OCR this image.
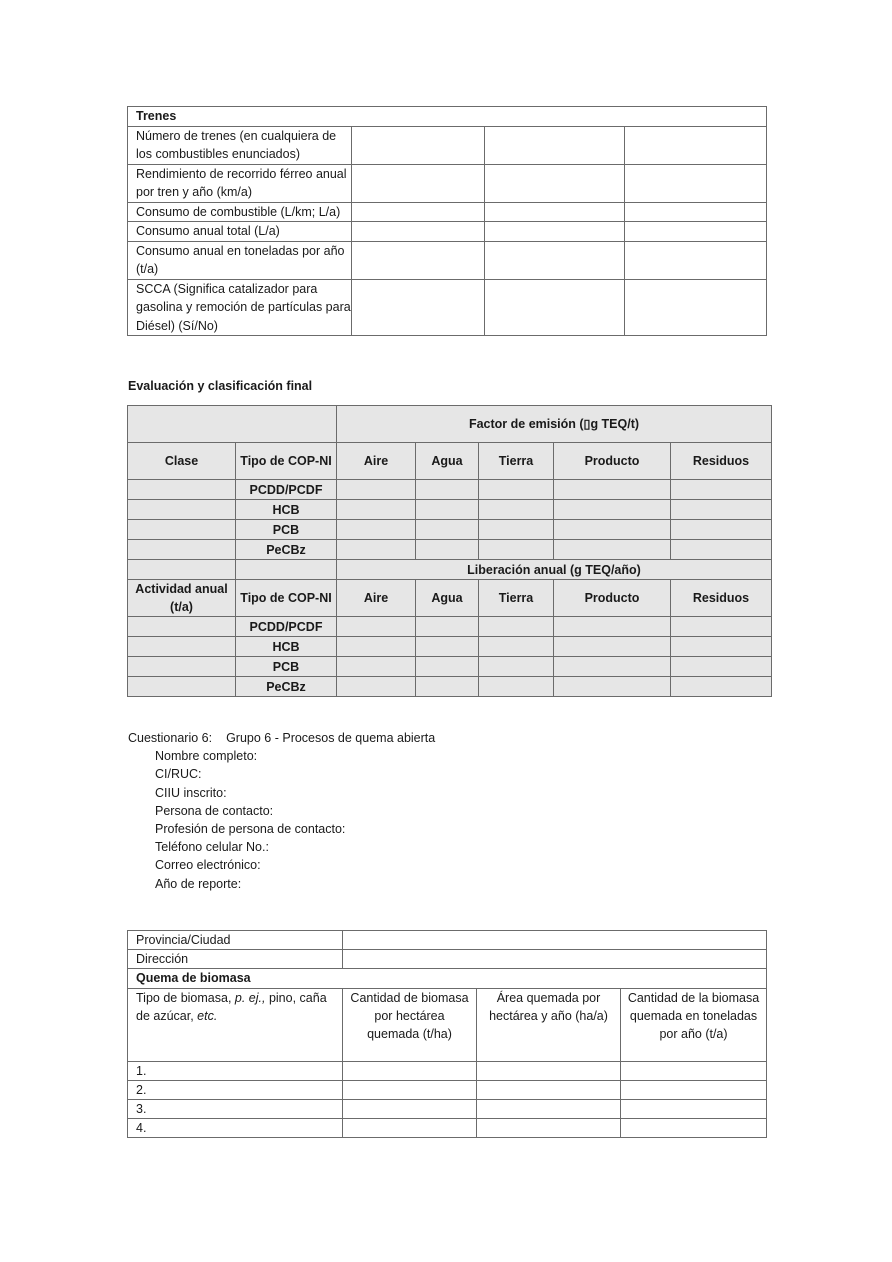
Trenes			
Número de trenes (en cualquiera de los combustibles enunciados)			
Rendimiento de recorrido férreo anual por tren y año (km/a)			
Consumo de combustible (L/km; L/a)			
Consumo anual total (L/a)			
Consumo anual en toneladas por año (t/a)			
SCCA (Significa catalizador para gasolina y remoción de partículas para Diésel) (Sí/No)			
Evaluación y clasificación final
		Factor de emisión (▯g TEQ/t)				
Clase	Tipo de COP-NI	Aire	Agua	Tierra	Producto	Residuos
	PCDD/PCDF					
	HCB					
	PCB					
	PeCBz					
		Liberación anual (g TEQ/año)				
Actividad anual (t/a)	Tipo de COP-NI	Aire	Agua	Tierra	Producto	Residuos
	PCDD/PCDF					
	HCB					
	PCB					
	PeCBz					
Cuestionario 6: Grupo 6 - Procesos de quema abierta
Nombre completo:
CI/RUC:
CIIU inscrito:
Persona de contacto:
Profesión de persona de contacto:
Teléfono celular No.:
Correo electrónico:
Año de reporte:
Provincia/Ciudad			
Dirección			
Quema de biomasa			
Tipo de biomasa, p. ej., pino, caña de azúcar, etc.	Cantidad de biomasa por hectárea quemada (t/ha)	Área quemada por hectárea y año (ha/a)	Cantidad de la biomasa quemada en toneladas por año (t/a)
1.			
2.			
3.			
4.			
